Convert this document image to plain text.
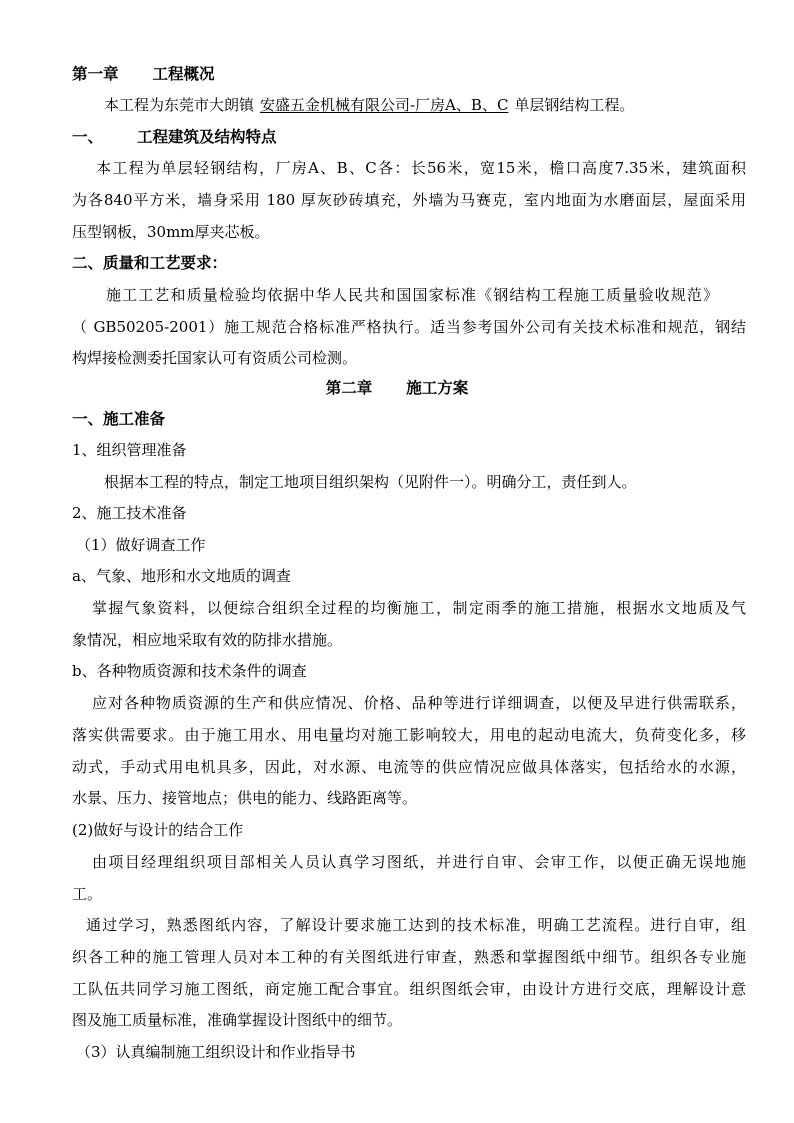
第一章 工程概况
本工程为东莞市大朗镇 安盛五金机械有限公司-厂房A、B、C 单层钢结构工程。
一、 工程建筑及结构特点
本工程为单层轻钢结构，厂房A、B、C各：长56米，宽15米，檐口高度7.35米，建筑面积
为各840平方米，墙身采用 180 厚灰砂砖填充，外墙为马赛克，室内地面为水磨面层，屋面采用
压型钢板，30mm厚夹芯板。
二、质量和工艺要求：
施工工艺和质量检验均依据中华人民共和国国家标准《钢结构工程施工质量验收规范》
（ GB50205-2001）施工规范合格标准严格执行。适当参考国外公司有关技术标准和规范，钢结
构焊接检测委托国家认可有资质公司检测。
第二章 施工方案
一、施工准备
1、组织管理准备
根据本工程的特点，制定工地项目组织架构（见附件一）。明确分工，责任到人。
2、施工技术准备
（1）做好调查工作
a、气象、地形和水文地质的调查
掌握气象资料，以便综合组织全过程的均衡施工，制定雨季的施工措施，根据水文地质及气
象情况，相应地采取有效的防排水措施。
b、各种物质资源和技术条件的调查
应对各种物质资源的生产和供应情况、价格、品种等进行详细调查，以便及早进行供需联系，
落实供需要求。由于施工用水、用电量均对施工影响较大，用电的起动电流大，负荷变化多，移
动式，手动式用电机具多，因此，对水源、电流等的供应情况应做具体落实，包括给水的水源，
水景、压力、接管地点；供电的能力、线路距离等。
(2)做好与设计的结合工作
由项目经理组织项目部相关人员认真学习图纸，并进行自审、会审工作，以便正确无误地施
工。
通过学习，熟悉图纸内容，了解设计要求施工达到的技术标准，明确工艺流程。进行自审，组
织各工种的施工管理人员对本工种的有关图纸进行审查，熟悉和掌握图纸中细节。组织各专业施
工队伍共同学习施工图纸，商定施工配合事宜。组织图纸会审，由设计方进行交底，理解设计意
图及施工质量标准，准确掌握设计图纸中的细节。
（3）认真编制施工组织设计和作业指导书
